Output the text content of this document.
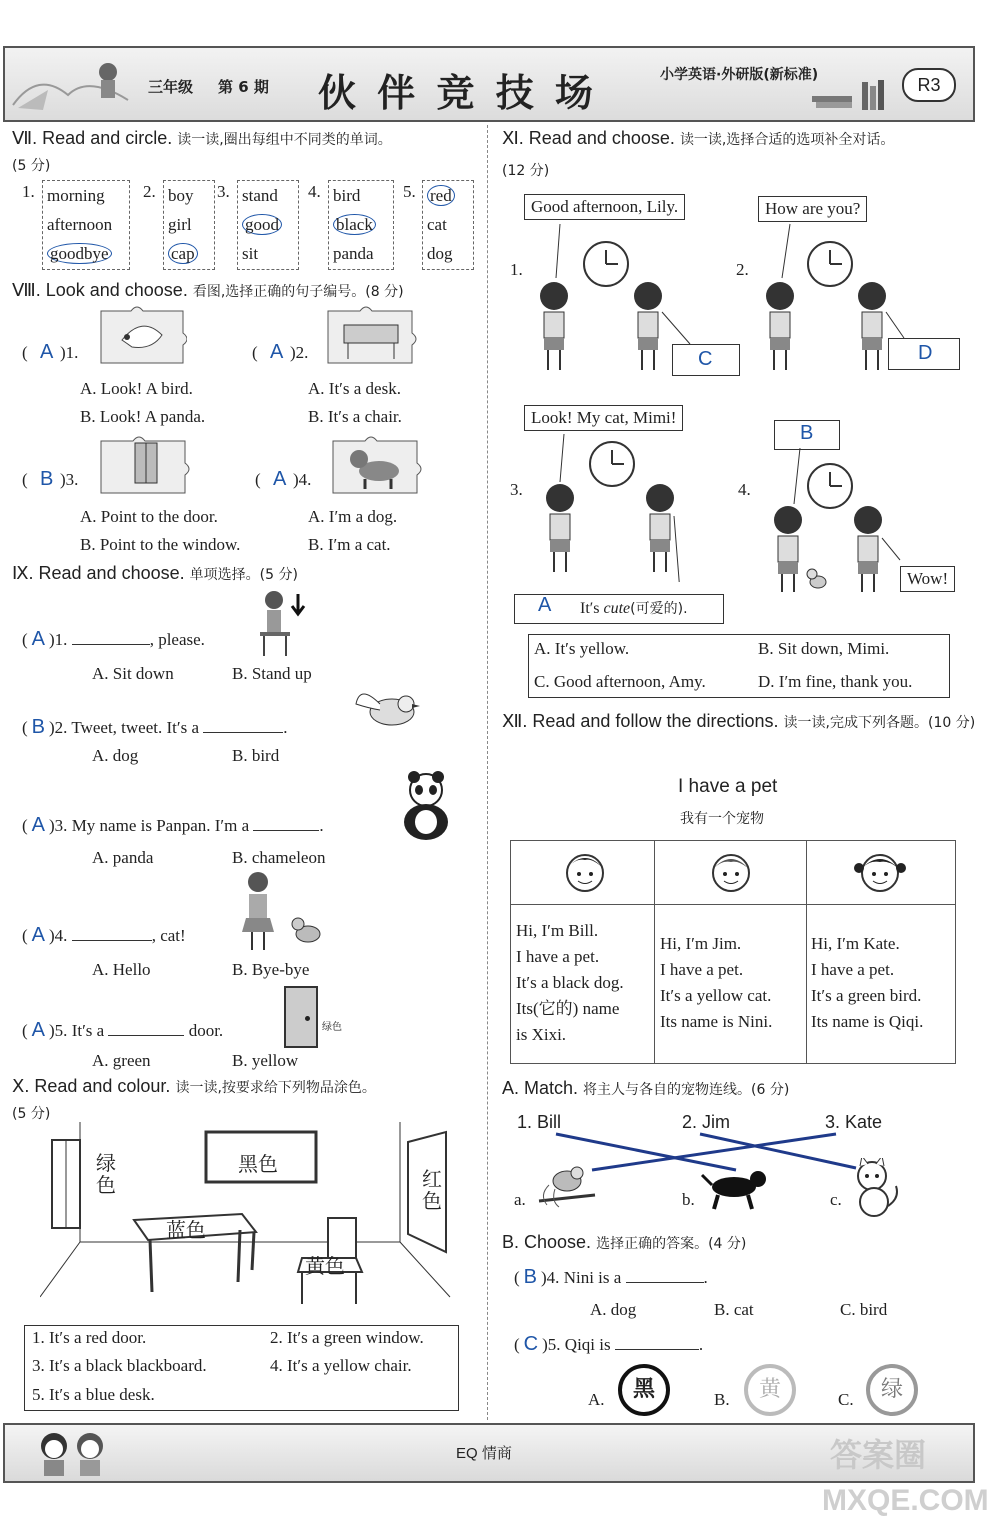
三年级 第 6 期 伙 伴 竞 技 场	小学英语·外研版(新标准)	R3
Ⅶ. Read and circle. 读一读,圈出每组中不同类的单词。
(5 分)
1. morning
afternoon
goodbye
2. boy
girl
cap
3. stand
good
sit
4. bird
black
panda
5. red
cat
dog
Ⅷ. Look and choose. 看图,选择正确的句子编号。(8 分)
( A )1.
A. Look! A bird.
B. Look! A panda.
( A )2.
A. It′s a desk.
B. It′s a chair.
( B )3.
A. Point to the door.
B. Point to the window.
( A )4.
A. I′m a dog.
B. I′m a cat.
Ⅸ. Read and choose. 单项选择。(5 分)
( A )1.	, please.
A. Sit down	B. Stand up
( B )2. Tweet, tweet. It′s a	.
A. dog	B. bird
( A )3. My name is Panpan. I′m a	.
A. panda	B. chameleon
( A )4.	, cat!
A. Hello	B. Bye-bye
( A )5. It′s a	door.
A. green	B. yellow
绿色
Ⅹ. Read and colour. 读一读,按要求给下列物品涂色。
(5 分)
绿色
黑色
红色
蓝色
黄色
1. It′s a red door.	2. It′s a green window.
3. It′s a black blackboard.	4. It′s a yellow chair.
5. It′s a blue desk.
Ⅺ. Read and choose. 读一读,选择合适的选项补全对话。
(12 分)
1.
Good afternoon, Lily.
C
2.
How are you?
D
3.
Look! My cat, Mimi!
A It′s cute(可爱的).
4.
B
Wow!
A. It′s yellow.	B. Sit down, Mimi.
C. Good afternoon, Amy.	D. I′m fine, thank you.
Ⅻ. Read and follow the directions. 读一读,完成下列各题。(10 分)
I have a pet
我有一个宠物
Hi, I′m Bill.
I have a pet.
It′s a black dog.
Its(它的) name
is Xixi.
Hi, I′m Jim.
I have a pet.
It′s a yellow cat.
Its name is Nini.
Hi, I′m Kate.
I have a pet.
It′s a green bird.
Its name is Qiqi.
A. Match. 将主人与各自的宠物连线。(6 分)
1. Bill	2. Jim	3. Kate
a.	b.	c.
B. Choose. 选择正确的答案。(4 分)
( B )4. Nini is a	.
A. dog	B. cat	C. bird
( C )5. Qiqi is	.
A.	B.	C.
黑	黄	绿
EQ 情商	答案圈
MXQE.COM
